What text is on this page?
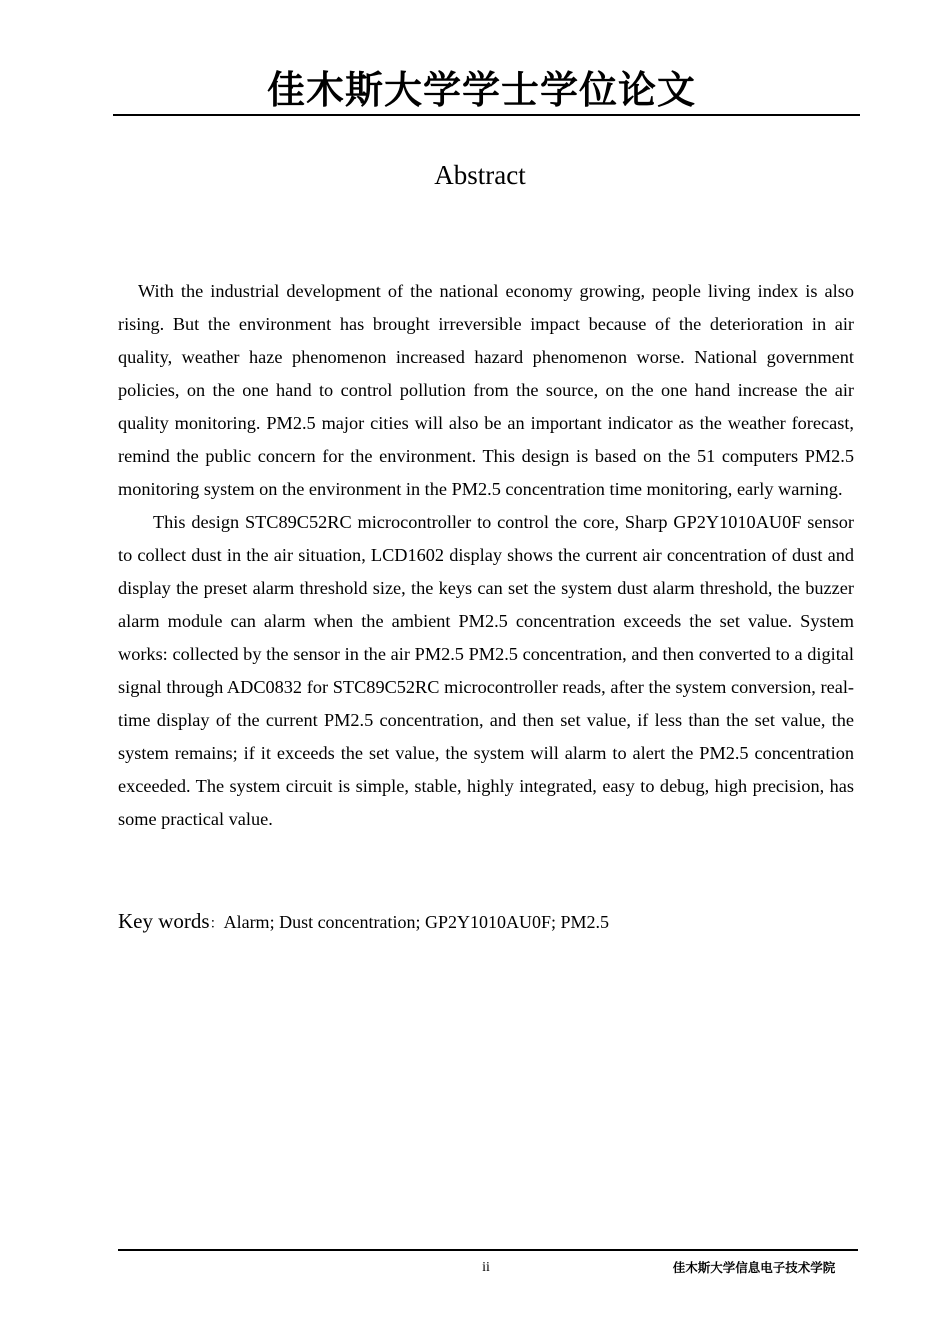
佳木斯大学学士学位论文
Abstract

With the industrial development of the national economy growing, people living index is also rising. But the environment has brought irreversible impact because of the deterioration in air quality, weather haze phenomenon increased hazard phenomenon worse. National government policies, on the one hand to control pollution from the source, on the one hand increase the air quality monitoring. PM2.5 major cities will also be an important indicator as the weather forecast, remind the public concern for the environment. This design is based on the 51 computers PM2.5 monitoring system on the environment in the PM2.5 concentration time monitoring, early warning.

This design STC89C52RC microcontroller to control the core, Sharp GP2Y1010AU0F sensor to collect dust in the air situation, LCD1602 display shows the current air concentration of dust and display the preset alarm threshold size, the keys can set the system dust alarm threshold, the buzzer alarm module can alarm when the ambient PM2.5 concentration exceeds the set value. System works: collected by the sensor in the air PM2.5 PM2.5 concentration, and then converted to a digital signal through ADC0832 for STC89C52RC microcontroller reads, after the system conversion, real-time display of the current PM2.5 concentration, and then set value, if less than the set value, the system remains; if it exceeds the set value, the system will alarm to alert the PM2.5 concentration exceeded. The system circuit is simple, stable, highly integrated, easy to debug, high precision, has some practical value.

Key words：Alarm; Dust concentration; GP2Y1010AU0F; PM2.5
ii	佳木斯大学信息电子技术学院
